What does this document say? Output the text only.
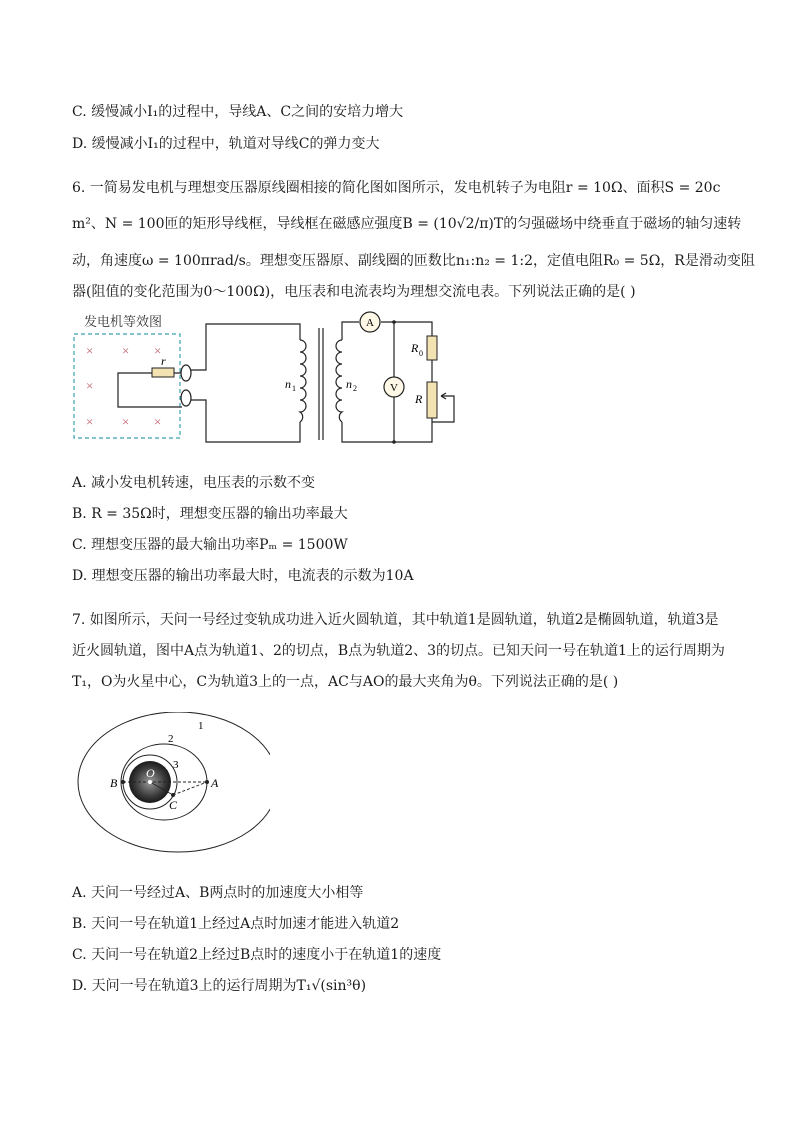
C. 缓慢减小I₁的过程中，导线A、C之间的安培力增大
D. 缓慢减小I₁的过程中，轨道对导线C的弹力变大
6. 一简易发电机与理想变压器原线圈相接的简化图如图所示，发电机转子为电阻r = 10Ω、面积S = 20c
m²、N = 100匝的矩形导线框，导线框在磁感应强度B = (10√2/π)T的匀强磁场中绕垂直于磁场的轴匀速转
动，角速度ω = 100πrad/s。理想变压器原、副线圈的匝数比n₁:n₂ = 1:2，定值电阻R₀ = 5Ω，R是滑动变阻
器(阻值的变化范围为0～100Ω)，电压表和电流表均为理想交流电表。下列说法正确的是( )
发电机等效图
× × ×
×
× × ×
r
n 1	n 2
A
V
R 0
R
A. 减小发电机转速，电压表的示数不变
B. R = 35Ω时，理想变压器的输出功率最大
C. 理想变压器的最大输出功率Pₘ = 1500W
D. 理想变压器的输出功率最大时，电流表的示数为10A
7. 如图所示，天问一号经过变轨成功进入近火圆轨道，其中轨道1是圆轨道，轨道2是椭圆轨道，轨道3是
近火圆轨道，图中A点为轨道1、2的切点，B点为轨道2、3的切点。已知天问一号在轨道1上的运行周期为
T₁，O为火星中心，C为轨道3上的一点，AC与AO的最大夹角为θ。下列说法正确的是( )
1
2
3
O
B	A
C
A. 天问一号经过A、B两点时的加速度大小相等
B. 天问一号在轨道1上经过A点时加速才能进入轨道2
C. 天问一号在轨道2上经过B点时的速度小于在轨道1的速度
D. 天问一号在轨道3上的运行周期为T₁√(sin³θ)
